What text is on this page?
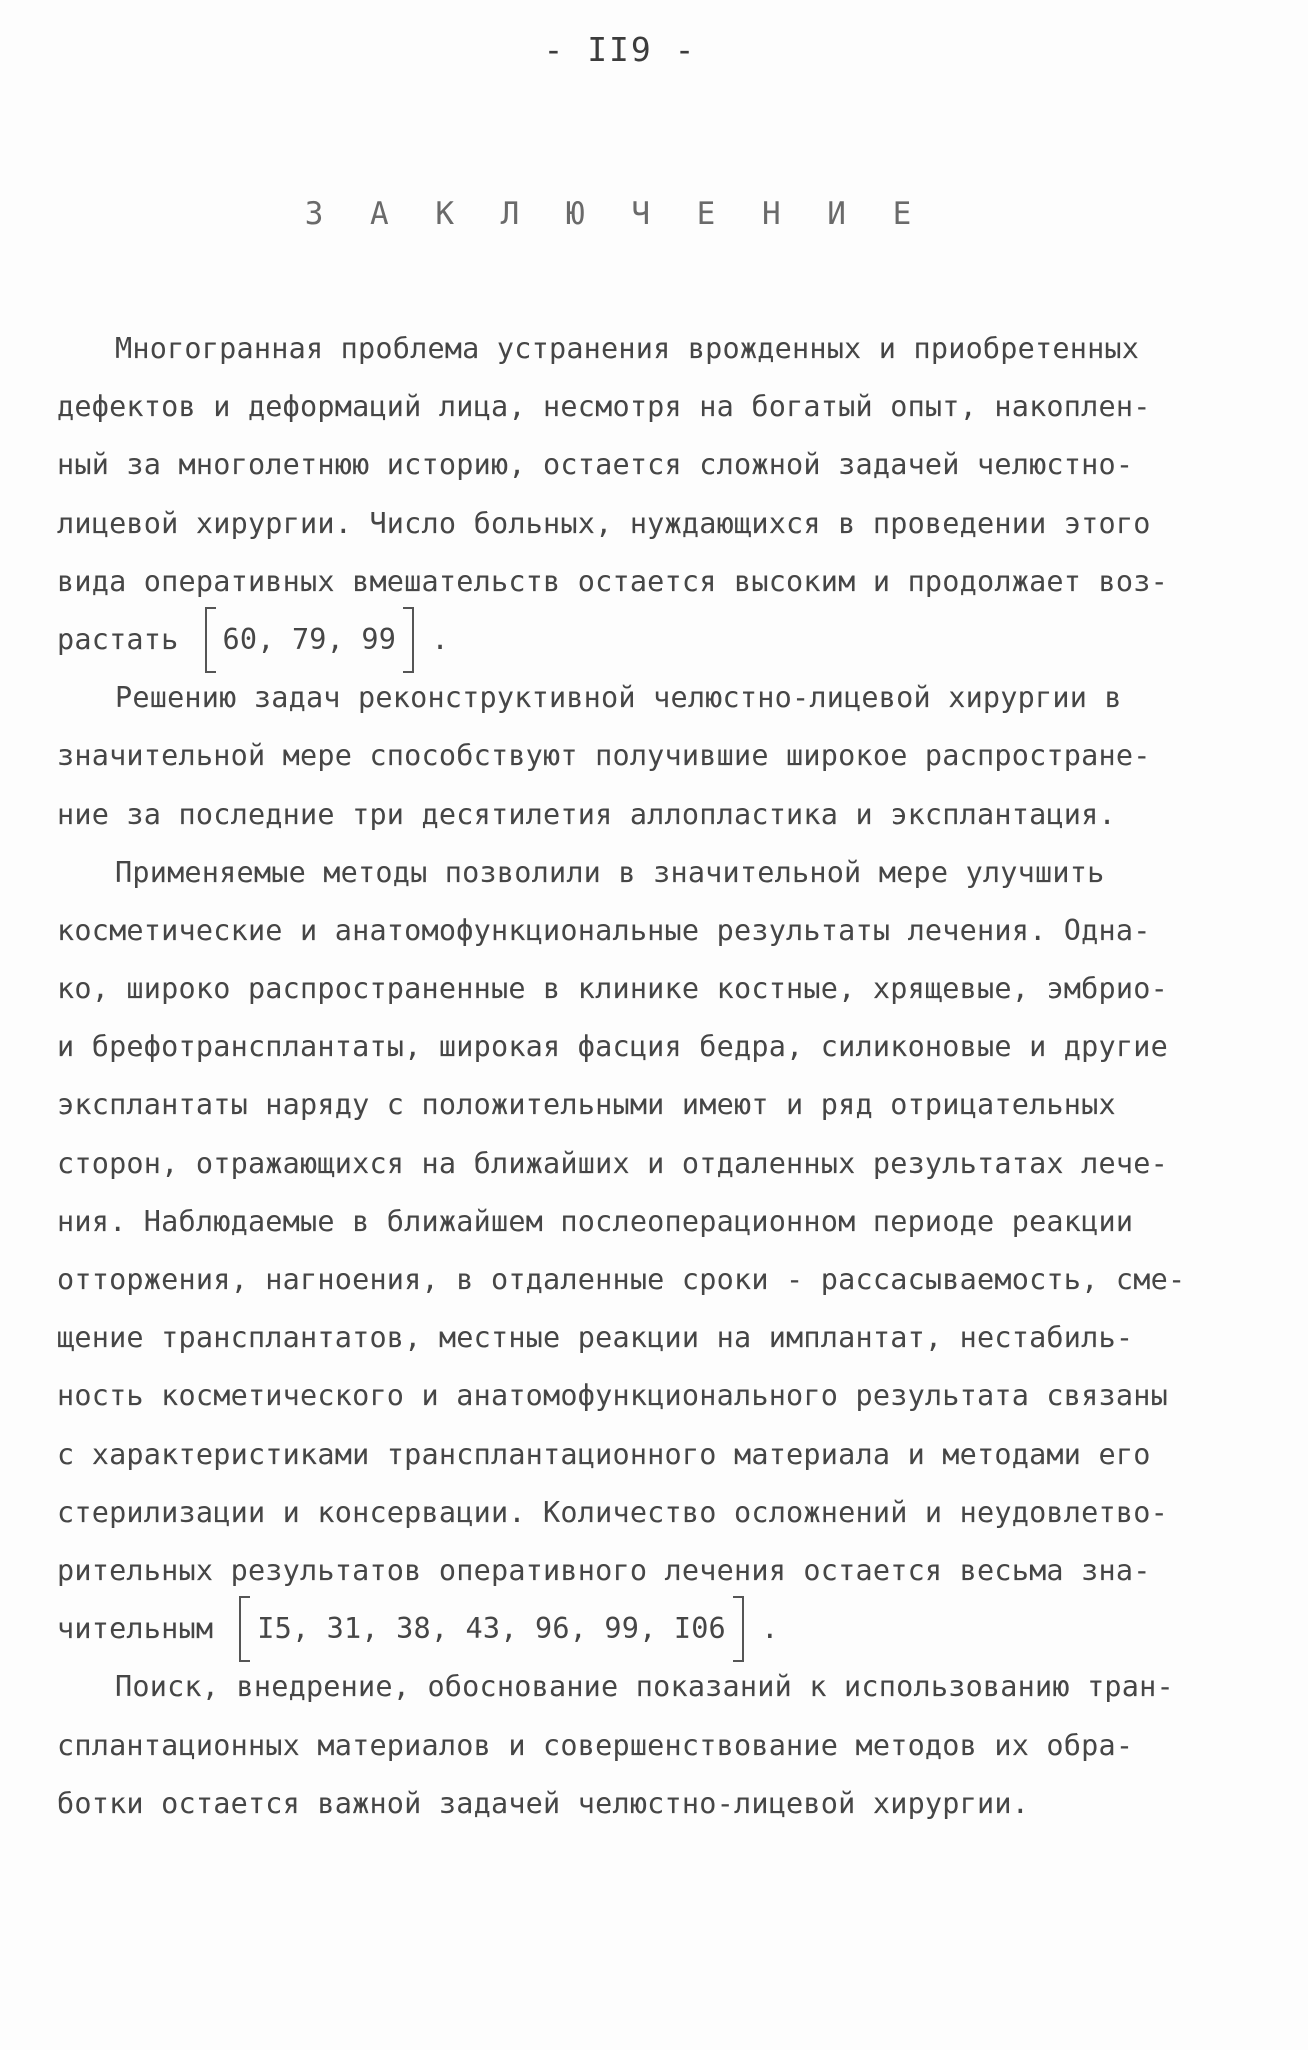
- II9 -
З А К Л Ю Ч Е Н И Е
Многогранная проблема устранения врожденных и приобретенных
дефектов и деформаций лица, несмотря на богатый опыт, накоплен-
ный за многолетнюю историю, остается сложной задачей челюстно-
лицевой хирургии. Число больных, нуждающихся в проведении этого
вида оперативных вмешательств остается высоким и продолжает воз-
растать 60, 79, 99 .
Решению задач реконструктивной челюстно-лицевой хирургии в
значительной мере способствуют получившие широкое распростране-
ние за последние три десятилетия аллопластика и эксплантация.
Применяемые методы позволили в значительной мере улучшить
косметические и анатомофункциональные результаты лечения. Одна-
ко, широко распространенные в клинике костные, хрящевые, эмбрио-
и брефотрансплантаты, широкая фасция бедра, силиконовые и другие
эксплантаты наряду с положительными имеют и ряд отрицательных
сторон, отражающихся на ближайших и отдаленных результатах лече-
ния. Наблюдаемые в ближайшем послеоперационном периоде реакции
отторжения, нагноения, в отдаленные сроки - рассасываемость, сме-
щение трансплантатов, местные реакции на имплантат, нестабиль-
ность косметического и анатомофункционального результата связаны
с характеристиками трансплантационного материала и методами его
стерилизации и консервации. Количество осложнений и неудовлетво-
рительных результатов оперативного лечения остается весьма зна-
чительным I5, 31, 38, 43, 96, 99, I06 .
Поиск, внедрение, обоснование показаний к использованию тран-
сплантационных материалов и совершенствование методов их обра-
ботки остается важной задачей челюстно-лицевой хирургии.
